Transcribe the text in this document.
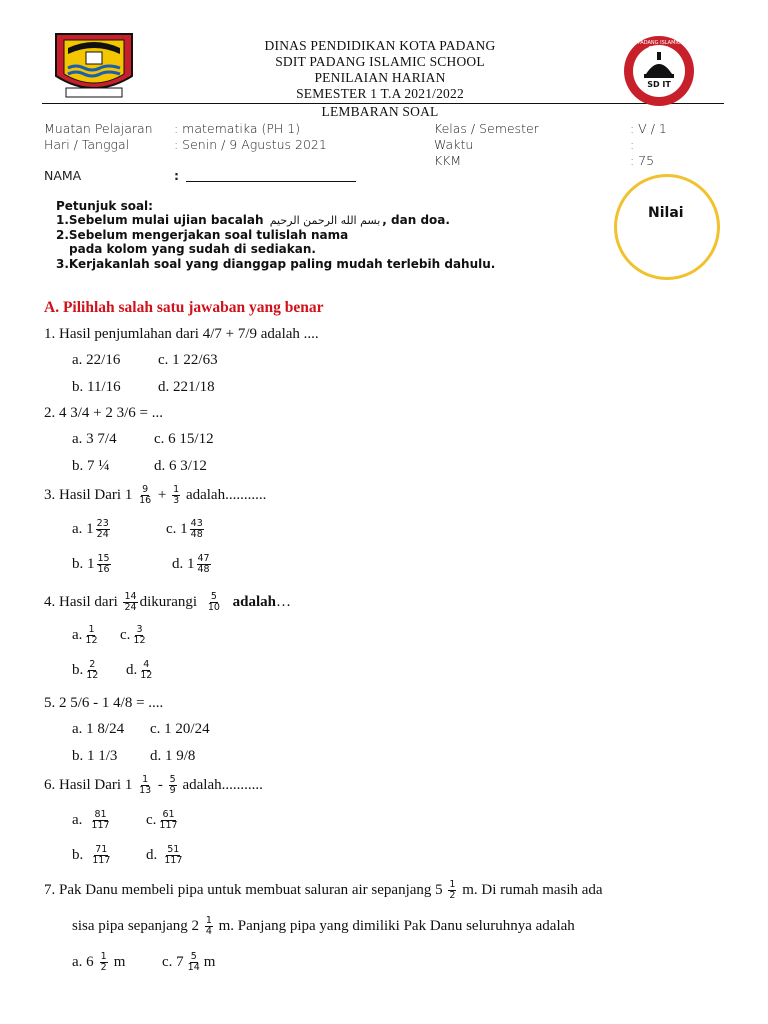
DINAS PENDIDIKAN KOTA PADANG
SDIT PADANG ISLAMIC SCHOOL
PENILAIAN HARIAN
SEMESTER 1 T.A 2021/2022
LEMBARAN SOAL
PADANG ISLAMIC SCHOOL
SD IT
Muatan Pelajaran : matematika (PH 1)
Hari / Tanggal	: Senin / 9 Agustus 2021
Kelas / Semester	: V / 1
Waktu	:
KKM	: 75
NAMA	:
Nilai
Petunjuk soal:
1.Sebelum mulai ujian bacalah بسم الله الرحمن الرحيم , dan doa.
2.Sebelum mengerjakan soal tulislah nama
pada kolom yang sudah di sediakan.
3.Kerjakanlah soal yang dianggap paling mudah terlebih dahulu.
A. Pilihlah salah satu jawaban yang benar
1. Hasil penjumlahan dari 4/7 + 7/9 adalah ....
a. 22/16	c. 1 22/63
b. 11/16 d. 221/18
2. 4 3/4 + 2 3/6 = ...
a. 3 7/4 c. 6 15/12
b. 7 ¼	d. 6 3/12
3. Hasil Dari $1 \frac{9}{16} + \frac{1}{3}$ adalah...........
a. $1 \frac{23}{24}$	c. $1 \frac{43}{48}$
b. $1 \frac{15}{16}$	d. $1 \frac{47}{48}$
4. Hasil dari $\frac{14}{24}$ dikurangi $\frac{5}{10}$ adalah…
a. $\frac{1}{12} c$. $\frac{3}{12}$
b. $\frac{2}{12} d$. $\frac{4}{12}$
5. 2 5/6 - 1 4/8 = ....
a. 1 8/24 c. 1 20/24
b. 1 1/3 d. 1 9/8
6. Hasil Dari $1 \frac{1}{13} - \frac{5}{9}$ adalah...........
a. $\frac{81}{117} c$. $\frac{61}{117}$
b. $\frac{71}{117} d$. $\frac{51}{117}$
7. Pak Danu membeli pipa untuk membuat saluran air sepanjang $5 \frac{1}{2} m$. Di rumah masih ada
sisa pipa sepanjang $2 \frac{1}{4} m$. Panjang pipa yang dimiliki Pak Danu seluruhnya adalah
a. $6 \frac{1}{2}$ m c. $7 \frac{5}{14}$ m
